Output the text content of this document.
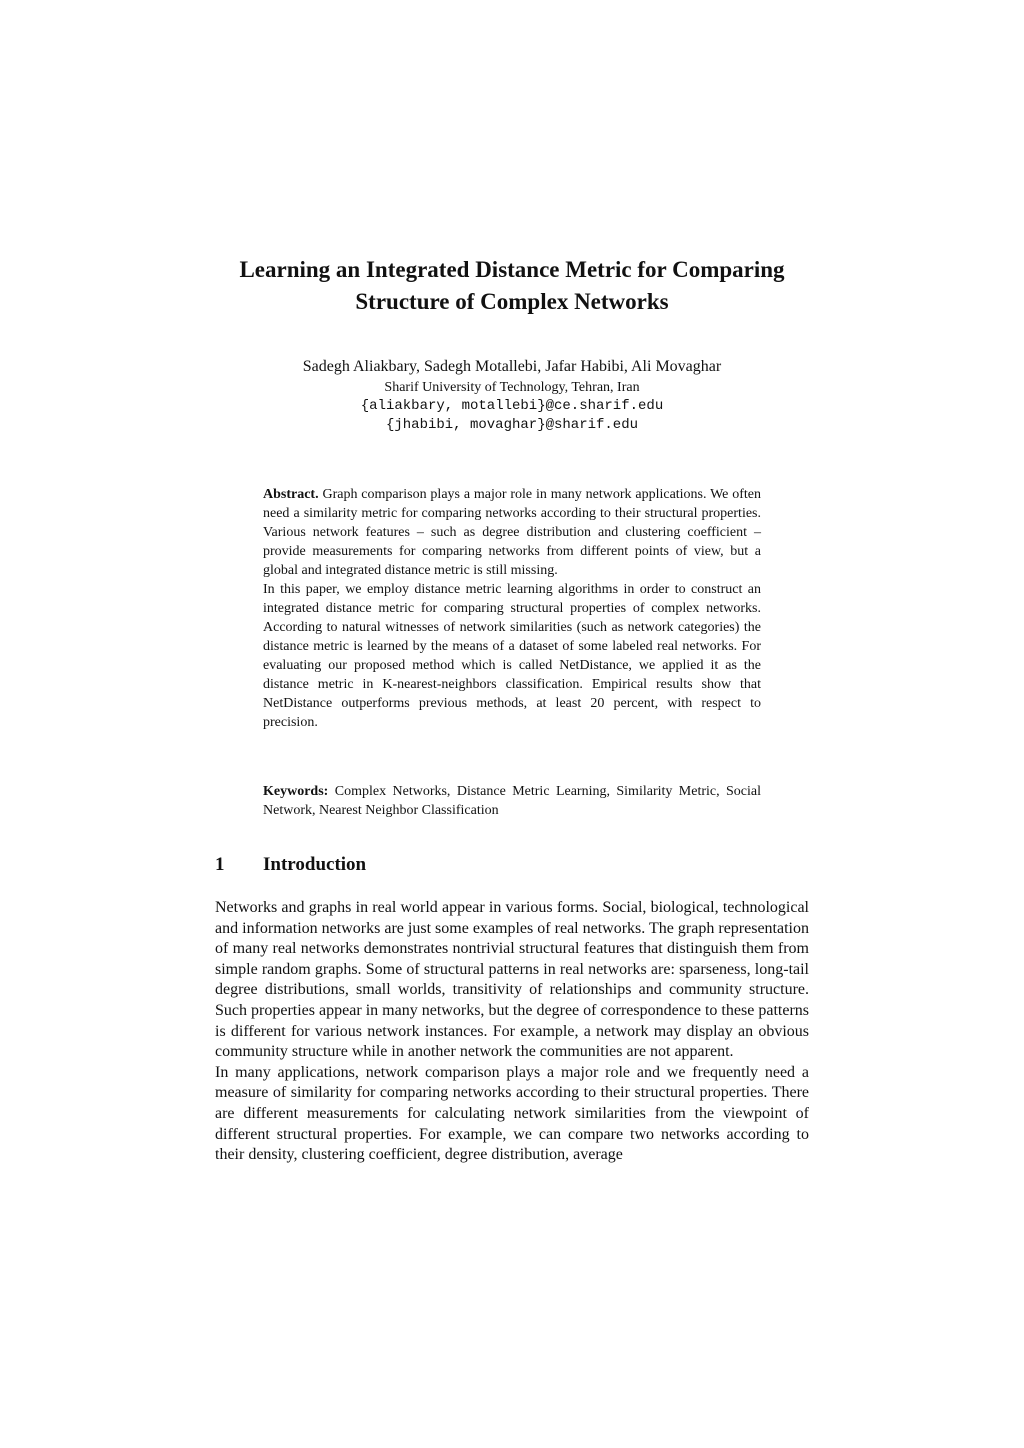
Learning an Integrated Distance Metric for Comparing
Structure of Complex Networks
Sadegh Aliakbary, Sadegh Motallebi, Jafar Habibi, Ali Movaghar
Sharif University of Technology, Tehran, Iran
{aliakbary, motallebi}@ce.sharif.edu
{jhabibi, movaghar}@sharif.edu

Abstract. Graph comparison plays a major role in many network applications. We often need a similarity metric for comparing networks according to their structural properties. Various network features – such as degree distribution and clustering coefficient – provide measurements for comparing networks from different points of view, but a global and integrated distance metric is still missing.

In this paper, we employ distance metric learning algorithms in order to construct an integrated distance metric for comparing structural properties of complex networks. According to natural witnesses of network similarities (such as network categories) the distance metric is learned by the means of a dataset of some labeled real networks. For evaluating our proposed method which is called NetDistance, we applied it as the distance metric in K-nearest-neighbors classification. Empirical results show that NetDistance outperforms previous methods, at least 20 percent, with respect to precision.

Keywords: Complex Networks, Distance Metric Learning, Similarity Metric, Social Network, Nearest Neighbor Classification

1 Introduction

Networks and graphs in real world appear in various forms. Social, biological, technological and information networks are just some examples of real networks. The graph representation of many real networks demonstrates nontrivial structural features that distinguish them from simple random graphs. Some of structural patterns in real networks are: sparseness, long-tail degree distributions, small worlds, transitivity of relationships and community structure. Such properties appear in many networks, but the degree of correspondence to these patterns is different for various network instances. For example, a network may display an obvious community structure while in another network the communities are not apparent.

In many applications, network comparison plays a major role and we frequently need a measure of similarity for comparing networks according to their structural properties. There are different measurements for calculating network similarities from the viewpoint of different structural properties. For example, we can compare two networks according to their density, clustering coefficient, degree distribution, average
